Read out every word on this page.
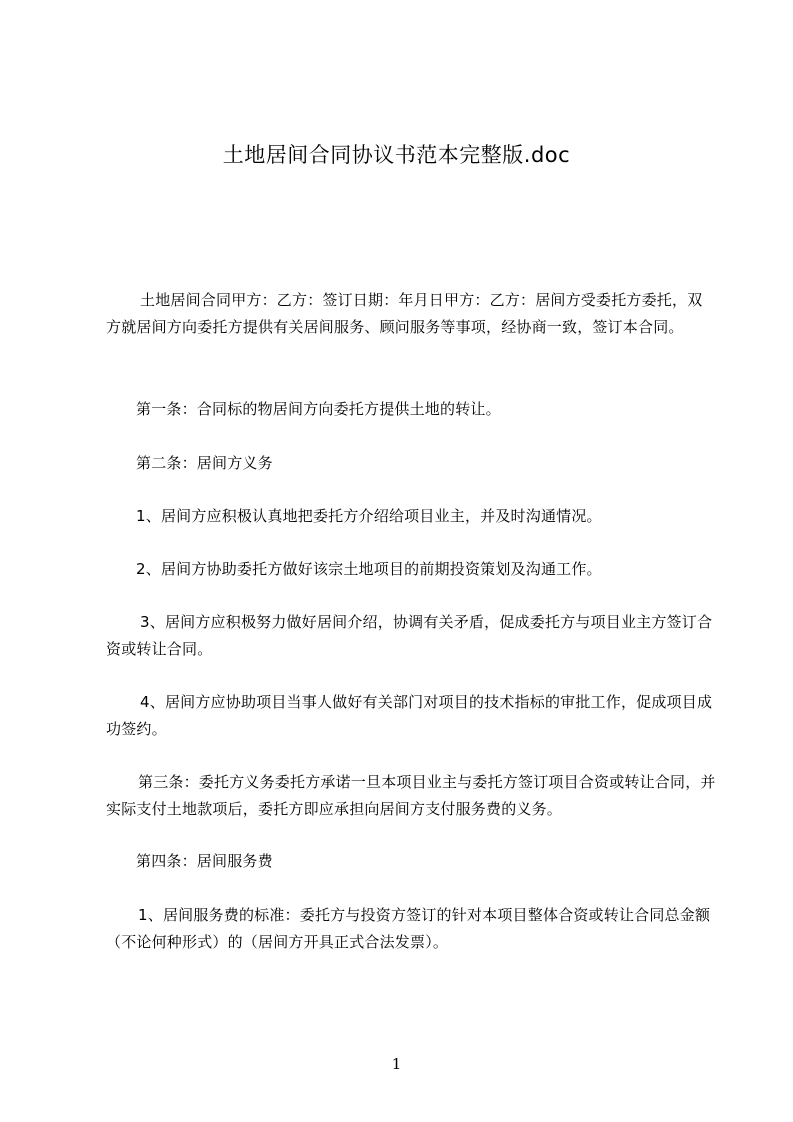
土地居间合同协议书范本完整版.doc
土地居间合同甲方：乙方：签订日期：年月日甲方：乙方：居间方受委托方委托，双方就居间方向委托方提供有关居间服务、顾问服务等事项，经协商一致，签订本合同。
第一条：合同标的物居间方向委托方提供土地的转让。
第二条：居间方义务
1、居间方应积极认真地把委托方介绍给项目业主，并及时沟通情况。
2、居间方协助委托方做好该宗土地项目的前期投资策划及沟通工作。
3、居间方应积极努力做好居间介绍，协调有关矛盾，促成委托方与项目业主方签订合资或转让合同。
4、居间方应协助项目当事人做好有关部门对项目的技术指标的审批工作，促成项目成功签约。
第三条：委托方义务委托方承诺一旦本项目业主与委托方签订项目合资或转让合同，并实际支付土地款项后，委托方即应承担向居间方支付服务费的义务。
第四条：居间服务费
1、居间服务费的标准：委托方与投资方签订的针对本项目整体合资或转让合同总金额（不论何种形式）的（居间方开具正式合法发票）。
1
